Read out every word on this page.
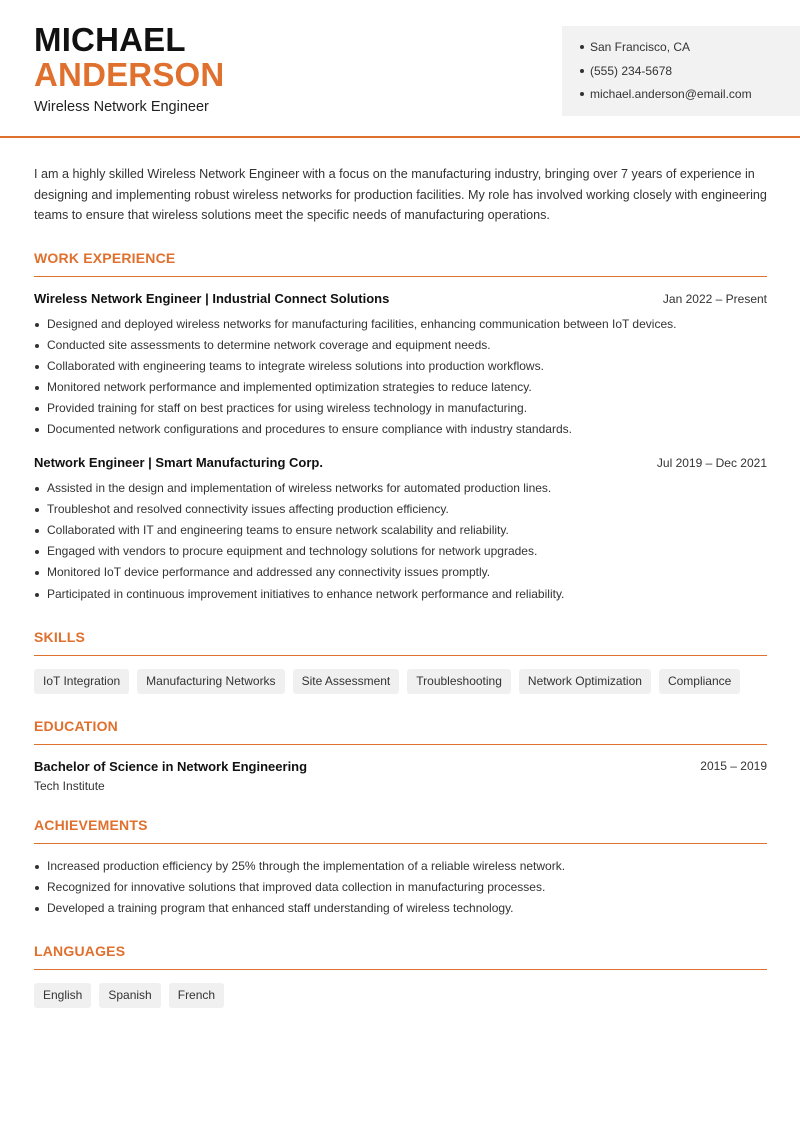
MICHAEL
ANDERSON
Wireless Network Engineer
San Francisco, CA
(555) 234-5678
michael.anderson@email.com

I am a highly skilled Wireless Network Engineer with a focus on the manufacturing industry, bringing over 7 years of experience in designing and implementing robust wireless networks for production facilities. My role has involved working closely with engineering teams to ensure that wireless solutions meet the specific needs of manufacturing operations.

WORK EXPERIENCE
Wireless Network Engineer | Industrial Connect Solutions	Jan 2022 – Present
Designed and deployed wireless networks for manufacturing facilities, enhancing communication between IoT devices.
Conducted site assessments to determine network coverage and equipment needs.
Collaborated with engineering teams to integrate wireless solutions into production workflows.
Monitored network performance and implemented optimization strategies to reduce latency.
Provided training for staff on best practices for using wireless technology in manufacturing.
Documented network configurations and procedures to ensure compliance with industry standards.
Network Engineer | Smart Manufacturing Corp.	Jul 2019 – Dec 2021
Assisted in the design and implementation of wireless networks for automated production lines.
Troubleshot and resolved connectivity issues affecting production efficiency.
Collaborated with IT and engineering teams to ensure network scalability and reliability.
Engaged with vendors to procure equipment and technology solutions for network upgrades.
Monitored IoT device performance and addressed any connectivity issues promptly.
Participated in continuous improvement initiatives to enhance network performance and reliability.
SKILLS
IoT Integration	Manufacturing Networks	Site Assessment	Troubleshooting	Network Optimization	Compliance
EDUCATION
Bachelor of Science in Network Engineering	2015 – 2019
Tech Institute
ACHIEVEMENTS
Increased production efficiency by 25% through the implementation of a reliable wireless network.
Recognized for innovative solutions that improved data collection in manufacturing processes.
Developed a training program that enhanced staff understanding of wireless technology.
LANGUAGES
English	Spanish	French
